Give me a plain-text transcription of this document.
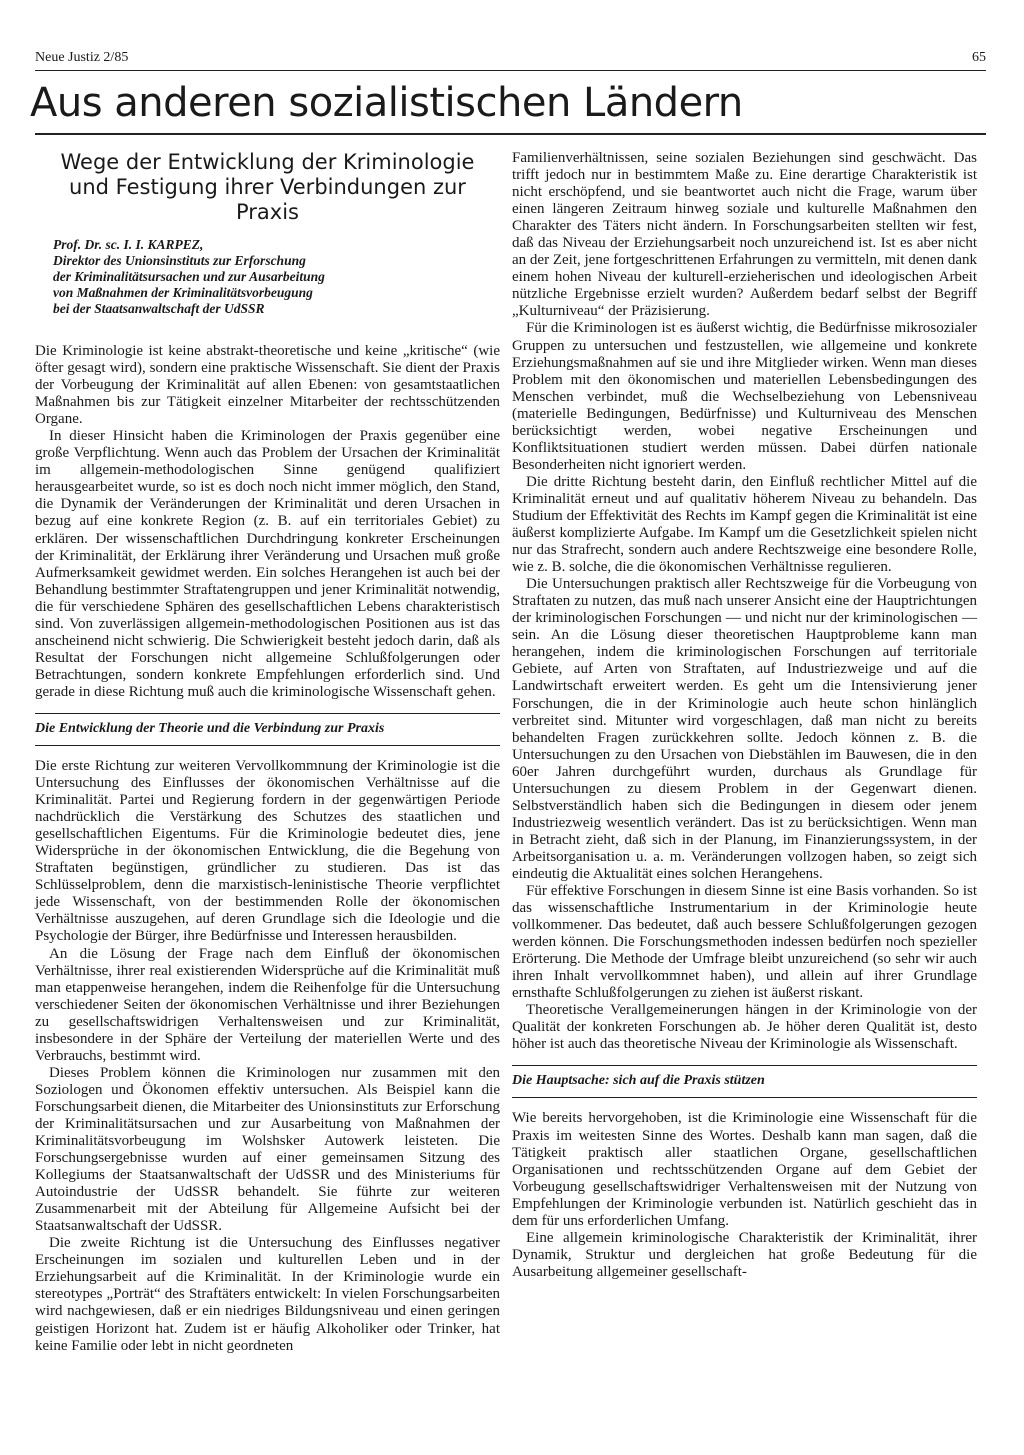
Neue Justiz 2/85	65
Aus anderen sozialistischen Ländern
Wege der Entwicklung der Kriminologie
und Festigung ihrer Verbindungen zur Praxis
Prof. Dr. sc. I. I. KARPEZ,
Direktor des Unionsinstituts zur Erforschung
der Kriminalitätsursachen und zur Ausarbeitung
von Maßnahmen der Kriminalitätsvorbeugung
bei der Staatsanwaltschaft der UdSSR

Die Kriminologie ist keine abstrakt-theoretische und keine „kritische“ (wie öfter gesagt wird), sondern eine praktische Wissenschaft. Sie dient der Praxis der Vorbeugung der Kriminalität auf allen Ebenen: von gesamtstaatlichen Maßnahmen bis zur Tätigkeit einzelner Mitarbeiter der rechtsschützenden Organe.

In dieser Hinsicht haben die Kriminologen der Praxis gegenüber eine große Verpflichtung. Wenn auch das Problem der Ursachen der Kriminalität im allgemein-methodologischen Sinne genügend qualifiziert herausgearbeitet wurde, so ist es doch noch nicht immer möglich, den Stand, die Dynamik der Veränderungen der Kriminalität und deren Ursachen in bezug auf eine konkrete Region (z. B. auf ein territoriales Gebiet) zu erklären. Der wissenschaftlichen Durchdringung konkreter Erscheinungen der Kriminalität, der Erklärung ihrer Veränderung und Ursachen muß große Aufmerksamkeit gewidmet werden. Ein solches Herangehen ist auch bei der Behandlung bestimmter Straftatengruppen und jener Kriminalität notwendig, die für verschiedene Sphären des gesellschaftlichen Lebens charakteristisch sind. Von zuverlässigen allgemein-methodologischen Positionen aus ist das anscheinend nicht schwierig. Die Schwierigkeit besteht jedoch darin, daß als Resultat der Forschungen nicht allgemeine Schlußfolgerungen oder Betrachtungen, sondern konkrete Empfehlungen erforderlich sind. Und gerade in diese Richtung muß auch die kriminologische Wissenschaft gehen.

Die Entwicklung der Theorie und die Verbindung zur Praxis

Die erste Richtung zur weiteren Vervollkommnung der Kriminologie ist die Untersuchung des Einflusses der ökonomischen Verhältnisse auf die Kriminalität. Partei und Regierung fordern in der gegenwärtigen Periode nachdrücklich die Verstärkung des Schutzes des staatlichen und gesellschaftlichen Eigentums. Für die Kriminologie bedeutet dies, jene Widersprüche in der ökonomischen Entwicklung, die die Begehung von Straftaten begünstigen, gründlicher zu studieren. Das ist das Schlüsselproblem, denn die marxistisch-leninistische Theorie verpflichtet jede Wissenschaft, von der bestimmenden Rolle der ökonomischen Verhältnisse auszugehen, auf deren Grundlage sich die Ideologie und die Psychologie der Bürger, ihre Bedürfnisse und Interessen herausbilden.

An die Lösung der Frage nach dem Einfluß der ökonomischen Verhältnisse, ihrer real existierenden Widersprüche auf die Kriminalität muß man etappenweise herangehen, indem die Reihenfolge für die Untersuchung verschiedener Seiten der ökonomischen Verhältnisse und ihrer Beziehungen zu gesellschaftswidrigen Verhaltensweisen und zur Kriminalität, insbesondere in der Sphäre der Verteilung der materiellen Werte und des Verbrauchs, bestimmt wird.

Dieses Problem können die Kriminologen nur zusammen mit den Soziologen und Ökonomen effektiv untersuchen. Als Beispiel kann die Forschungsarbeit dienen, die Mitarbeiter des Unionsinstituts zur Erforschung der Kriminalitätsursachen und zur Ausarbeitung von Maßnahmen der Kriminalitätsvorbeugung im Wolshsker Autowerk leisteten. Die Forschungsergebnisse wurden auf einer gemeinsamen Sitzung des Kollegiums der Staatsanwaltschaft der UdSSR und des Ministeriums für Autoindustrie der UdSSR behandelt. Sie führte zur weiteren Zusammenarbeit mit der Abteilung für Allgemeine Aufsicht bei der Staatsanwaltschaft der UdSSR.

Die zweite Richtung ist die Untersuchung des Einflusses negativer Erscheinungen im sozialen und kulturellen Leben und in der Erziehungsarbeit auf die Kriminalität. In der Kriminologie wurde ein stereotypes „Porträt“ des Straftäters entwickelt: In vielen Forschungsarbeiten wird nachgewiesen, daß er ein niedriges Bildungsniveau und einen geringen geistigen Horizont hat. Zudem ist er häufig Alkoholiker oder Trinker, hat keine Familie oder lebt in nicht geordneten

Familienverhältnissen, seine sozialen Beziehungen sind geschwächt. Das trifft jedoch nur in bestimmtem Maße zu. Eine derartige Charakteristik ist nicht erschöpfend, und sie beantwortet auch nicht die Frage, warum über einen längeren Zeitraum hinweg soziale und kulturelle Maßnahmen den Charakter des Täters nicht ändern. In Forschungsarbeiten stellten wir fest, daß das Niveau der Erziehungsarbeit noch unzureichend ist. Ist es aber nicht an der Zeit, jene fortgeschrittenen Erfahrungen zu vermitteln, mit denen dank einem hohen Niveau der kulturell-erzieherischen und ideologischen Arbeit nützliche Ergebnisse erzielt wurden? Außerdem bedarf selbst der Begriff „Kulturniveau“ der Präzisierung.

Für die Kriminologen ist es äußerst wichtig, die Bedürfnisse mikrosozialer Gruppen zu untersuchen und festzustellen, wie allgemeine und konkrete Erziehungsmaßnahmen auf sie und ihre Mitglieder wirken. Wenn man dieses Problem mit den ökonomischen und materiellen Lebensbedingungen des Menschen verbindet, muß die Wechselbeziehung von Lebensniveau (materielle Bedingungen, Bedürfnisse) und Kulturniveau des Menschen berücksichtigt werden, wobei negative Erscheinungen und Konfliktsituationen studiert werden müssen. Dabei dürfen nationale Besonderheiten nicht ignoriert werden.

Die dritte Richtung besteht darin, den Einfluß rechtlicher Mittel auf die Kriminalität erneut und auf qualitativ höherem Niveau zu behandeln. Das Studium der Effektivität des Rechts im Kampf gegen die Kriminalität ist eine äußerst komplizierte Aufgabe. Im Kampf um die Gesetzlichkeit spielen nicht nur das Strafrecht, sondern auch andere Rechtszweige eine besondere Rolle, wie z. B. solche, die die ökonomischen Verhältnisse regulieren.

Die Untersuchungen praktisch aller Rechtszweige für die Vorbeugung von Straftaten zu nutzen, das muß nach unserer Ansicht eine der Hauptrichtungen der kriminologischen Forschungen — und nicht nur der kriminologischen — sein. An die Lösung dieser theoretischen Hauptprobleme kann man herangehen, indem die kriminologischen Forschungen auf territoriale Gebiete, auf Arten von Straftaten, auf Industriezweige und auf die Landwirtschaft erweitert werden. Es geht um die Intensivierung jener Forschungen, die in der Kriminologie auch heute schon hinlänglich verbreitet sind. Mitunter wird vorgeschlagen, daß man nicht zu bereits behandelten Fragen zurückkehren sollte. Jedoch können z. B. die Untersuchungen zu den Ursachen von Diebstählen im Bauwesen, die in den 60er Jahren durchgeführt wurden, durchaus als Grundlage für Untersuchungen zu diesem Problem in der Gegenwart dienen. Selbstverständlich haben sich die Bedingungen in diesem oder jenem Industriezweig wesentlich verändert. Das ist zu berücksichtigen. Wenn man in Betracht zieht, daß sich in der Planung, im Finanzierungssystem, in der Arbeitsorganisation u. a. m. Veränderungen vollzogen haben, so zeigt sich eindeutig die Aktualität eines solchen Herangehens.

Für effektive Forschungen in diesem Sinne ist eine Basis vorhanden. So ist das wissenschaftliche Instrumentarium in der Kriminologie heute vollkommener. Das bedeutet, daß auch bessere Schlußfolgerungen gezogen werden können. Die Forschungsmethoden indessen bedürfen noch spezieller Erörterung. Die Methode der Umfrage bleibt unzureichend (so sehr wir auch ihren Inhalt vervollkommnet haben), und allein auf ihrer Grundlage ernsthafte Schlußfolgerungen zu ziehen ist äußerst riskant.

Theoretische Verallgemeinerungen hängen in der Kriminologie von der Qualität der konkreten Forschungen ab. Je höher deren Qualität ist, desto höher ist auch das theoretische Niveau der Kriminologie als Wissenschaft.

Die Hauptsache: sich auf die Praxis stützen

Wie bereits hervorgehoben, ist die Kriminologie eine Wissenschaft für die Praxis im weitesten Sinne des Wortes. Deshalb kann man sagen, daß die Tätigkeit praktisch aller staatlichen Organe, gesellschaftlichen Organisationen und rechtsschützenden Organe auf dem Gebiet der Vorbeugung gesellschaftswidriger Verhaltensweisen mit der Nutzung von Empfehlungen der Kriminologie verbunden ist. Natürlich geschieht das in dem für uns erforderlichen Umfang.

Eine allgemein kriminologische Charakteristik der Kriminalität, ihrer Dynamik, Struktur und dergleichen hat große Bedeutung für die Ausarbeitung allgemeiner gesellschaft-
